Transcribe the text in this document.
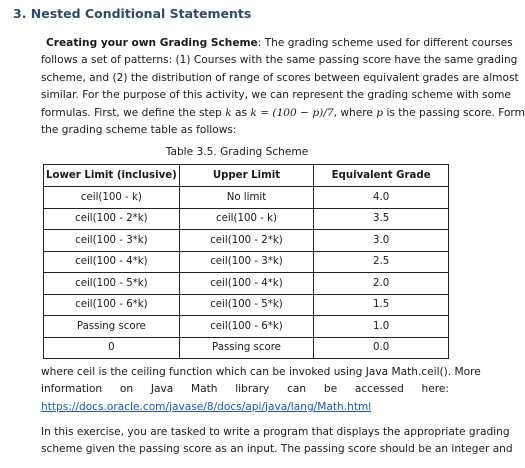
3. Nested Conditional Statements
Creating your own Grading Scheme: The grading scheme used for different courses
follows a set of patterns: (1) Courses with the same passing score have the same grading
scheme, and (2) the distribution of range of scores between equivalent grades are almost
similar. For the purpose of this activity, we can represent the grading scheme with some
formulas. First, we define the step k as k = (100 − p)/7, where p is the passing score. Form
the grading scheme table as follows:
Table 3.5. Grading Scheme
Lower Limit (inclusive)	Upper Limit	Equivalent Grade
ceil(100 - k)	No limit	4.0
ceil(100 - 2*k)	ceil(100 - k)	3.5
ceil(100 - 3*k)	ceil(100 - 2*k)	3.0
ceil(100 - 4*k)	ceil(100 - 3*k)	2.5
ceil(100 - 5*k)	ceil(100 - 4*k)	2.0
ceil(100 - 6*k)	ceil(100 - 5*k)	1.5
Passing score	ceil(100 - 6*k)	1.0
0	Passing score	0.0
where ceil is the ceiling function which can be invoked using Java Math.ceil(). More
information on Java Math library can be accessed here:
https://docs.oracle.com/javase/8/docs/api/java/lang/Math.html
In this exercise, you are tasked to write a program that displays the appropriate grading
scheme given the passing score as an input. The passing score should be an integer and
